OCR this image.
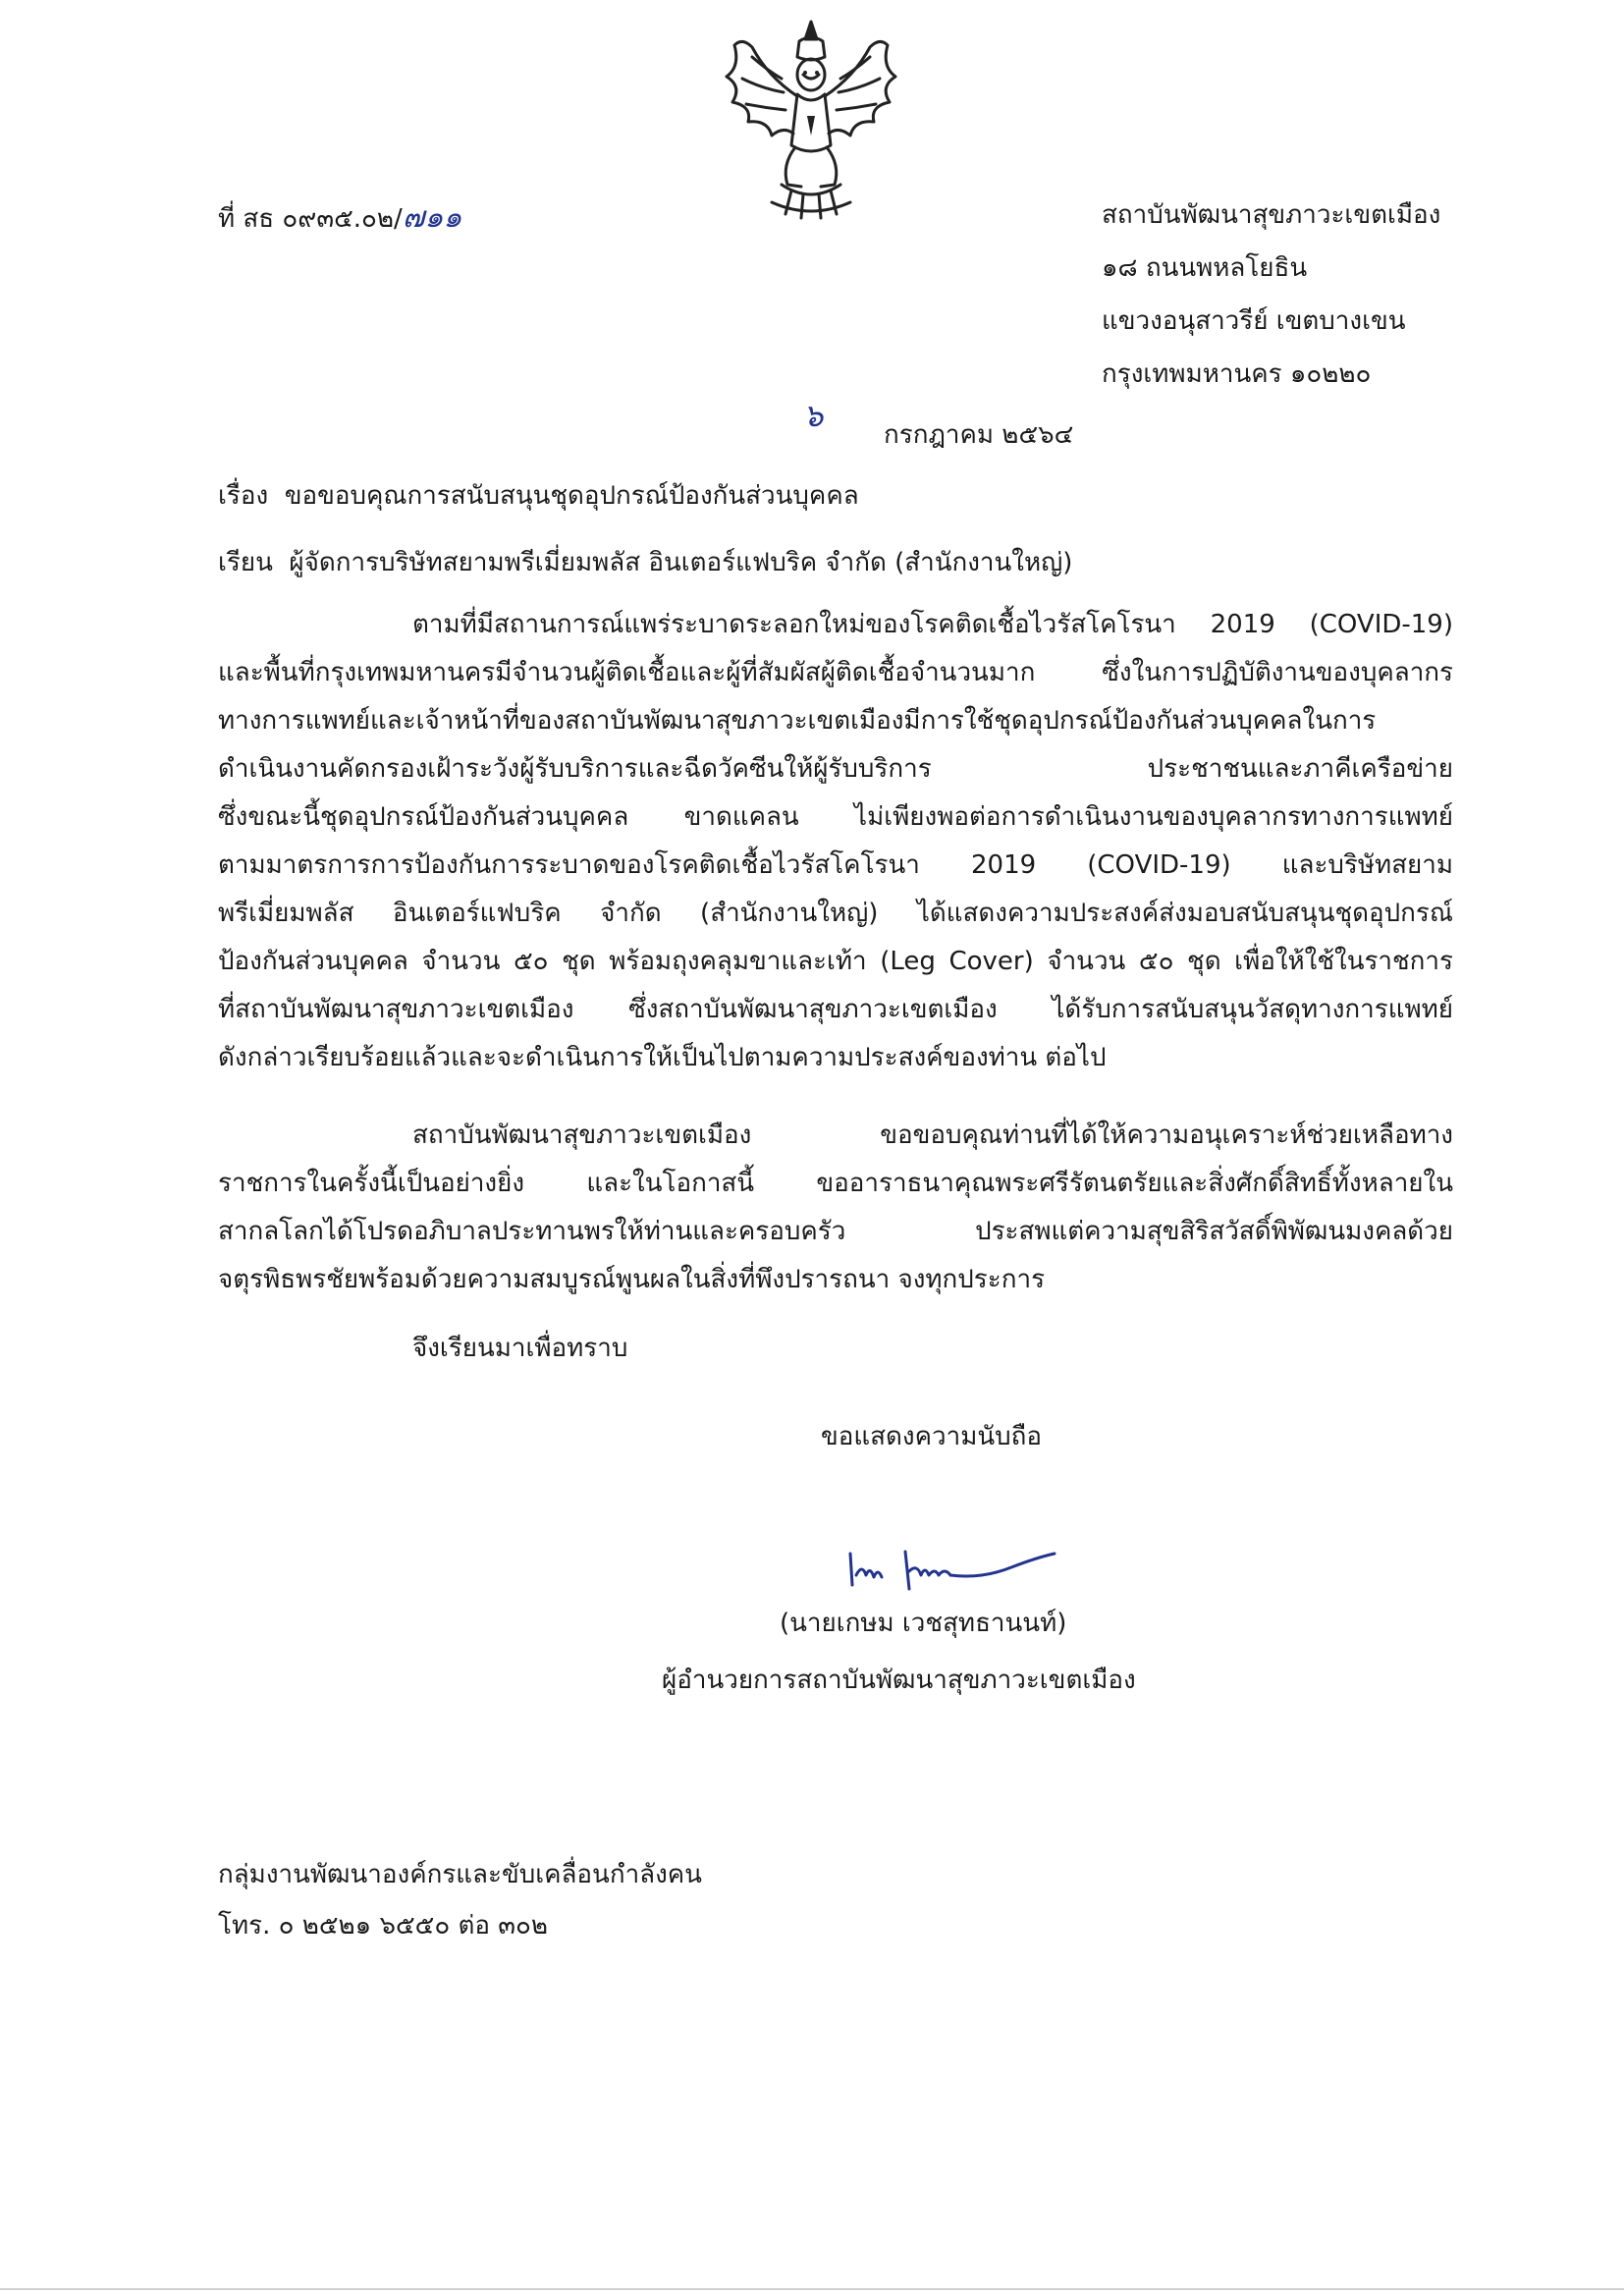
ที่ สธ ๐๙๓๕.๐๒/๗๑๑	สถาบันพัฒนาสุขภาวะเขตเมือง
๑๘ ถนนพหลโยธิน
แขวงอนุสาวรีย์ เขตบางเขน
กรุงเทพมหานคร ๑๐๒๒๐
๖
กรกฎาคม ๒๕๖๔
เรื่อง ขอขอบคุณการสนับสนุนชุดอุปกรณ์ป้องกันส่วนบุคคล
เรียน ผู้จัดการบริษัทสยามพรีเมี่ยมพลัส อินเตอร์แฟบริค จำกัด (สำนักงานใหญ่)
ตามที่มีสถานการณ์แพร่ระบาดระลอกใหม่ของโรคติดเชื้อไวรัสโคโรนา 2019 (COVID-19)
และพื้นที่กรุงเทพมหานครมีจำนวนผู้ติดเชื้อและผู้ที่สัมผัสผู้ติดเชื้อจำนวนมาก ซึ่งในการปฏิบัติงานของบุคลากร
ทางการแพทย์และเจ้าหน้าที่ของสถาบันพัฒนาสุขภาวะเขตเมืองมีการใช้ชุดอุปกรณ์ป้องกันส่วนบุคคลในการ
ดำเนินงานคัดกรองเฝ้าระวังผู้รับบริการและฉีดวัคซีนให้ผู้รับบริการ ประชาชนและภาคีเครือข่าย
ซึ่งขณะนี้ชุดอุปกรณ์ป้องกันส่วนบุคคล ขาดแคลน ไม่เพียงพอต่อการดำเนินงานของบุคลากรทางการแพทย์
ตามมาตรการการป้องกันการระบาดของโรคติดเชื้อไวรัสโคโรนา 2019 (COVID-19) และบริษัทสยาม
พรีเมี่ยมพลัส อินเตอร์แฟบริค จำกัด (สำนักงานใหญ่) ได้แสดงความประสงค์ส่งมอบสนับสนุนชุดอุปกรณ์
ป้องกันส่วนบุคคล จำนวน ๕๐ ชุด พร้อมถุงคลุมขาและเท้า (Leg Cover) จำนวน ๕๐ ชุด เพื่อให้ใช้ในราชการ
ที่สถาบันพัฒนาสุขภาวะเขตเมือง ซึ่งสถาบันพัฒนาสุขภาวะเขตเมือง ได้รับการสนับสนุนวัสดุทางการแพทย์
ดังกล่าวเรียบร้อยแล้วและจะดำเนินการให้เป็นไปตามความประสงค์ของท่าน ต่อไป
สถาบันพัฒนาสุขภาวะเขตเมือง ขอขอบคุณท่านที่ได้ให้ความอนุเคราะห์ช่วยเหลือทาง
ราชการในครั้งนี้เป็นอย่างยิ่ง และในโอกาสนี้ ขออาราธนาคุณพระศรีรัตนตรัยและสิ่งศักดิ์สิทธิ์ทั้งหลายใน
สากลโลกได้โปรดอภิบาลประทานพรให้ท่านและครอบครัว ประสพแต่ความสุขสิริสวัสดิ์พิพัฒนมงคลด้วย
จตุรพิธพรชัยพร้อมด้วยความสมบูรณ์พูนผลในสิ่งที่พึงปรารถนา จงทุกประการ
จึงเรียนมาเพื่อทราบ
ขอแสดงความนับถือ
(นายเกษม เวชสุทธานนท์)
ผู้อำนวยการสถาบันพัฒนาสุขภาวะเขตเมือง
กลุ่มงานพัฒนาองค์กรและขับเคลื่อนกำลังคน
โทร. ๐ ๒๕๒๑ ๖๕๕๐ ต่อ ๓๐๒
